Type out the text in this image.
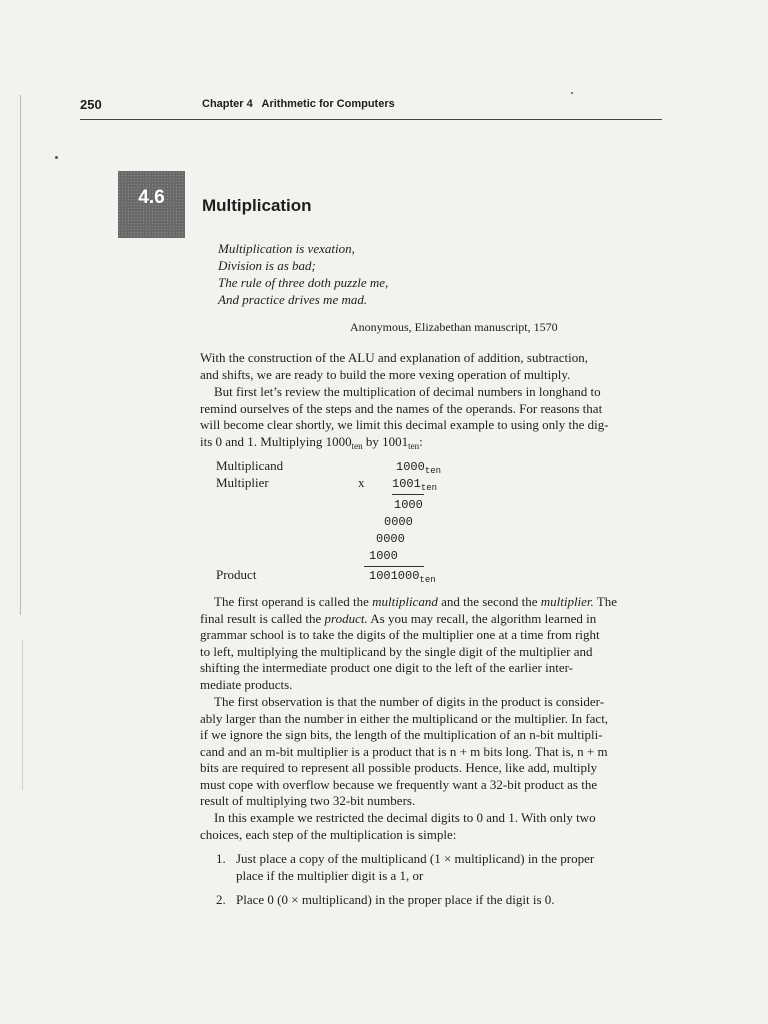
250	Chapter 4   Arithmetic for Computers
4.6	Multiplication
Multiplication is vexation,
Division is as bad;
The rule of three doth puzzle me,
And practice drives me mad.
Anonymous, Elizabethan manuscript, 1570
With the construction of the ALU and explanation of addition, subtraction,
and shifts, we are ready to build the more vexing operation of multiply.
But first let’s review the multiplication of decimal numbers in longhand to
remind ourselves of the steps and the names of the operands. For reasons that
will become clear shortly, we limit this decimal example to using only the dig-
its 0 and 1. Multiplying $1000_{ten}$ by $1001_{ten}$:
Multiplicand	$1000_{ten}$
Multiplier	x $1001_{ten}$
1000
0000
0000
1000
Product	$1001000_{ten}$
The first operand is called the multiplicand and the second the multiplier. The
final result is called the product. As you may recall, the algorithm learned in
grammar school is to take the digits of the multiplier one at a time from right
to left, multiplying the multiplicand by the single digit of the multiplier and
shifting the intermediate product one digit to the left of the earlier inter-
mediate products.
The first observation is that the number of digits in the product is consider-
ably larger than the number in either the multiplicand or the multiplier. In fact,
if we ignore the sign bits, the length of the multiplication of an n-bit multipli-
cand and an m-bit multiplier is a product that is n + m bits long. That is, n + m
bits are required to represent all possible products. Hence, like add, multiply
must cope with overflow because we frequently want a 32-bit product as the
result of multiplying two 32-bit numbers.
In this example we restricted the decimal digits to 0 and 1. With only two
choices, each step of the multiplication is simple:
1. Just place a copy of the multiplicand (1 × multiplicand) in the proper
place if the multiplier digit is a 1, or
2. Place 0 (0 × multiplicand) in the proper place if the digit is 0.
